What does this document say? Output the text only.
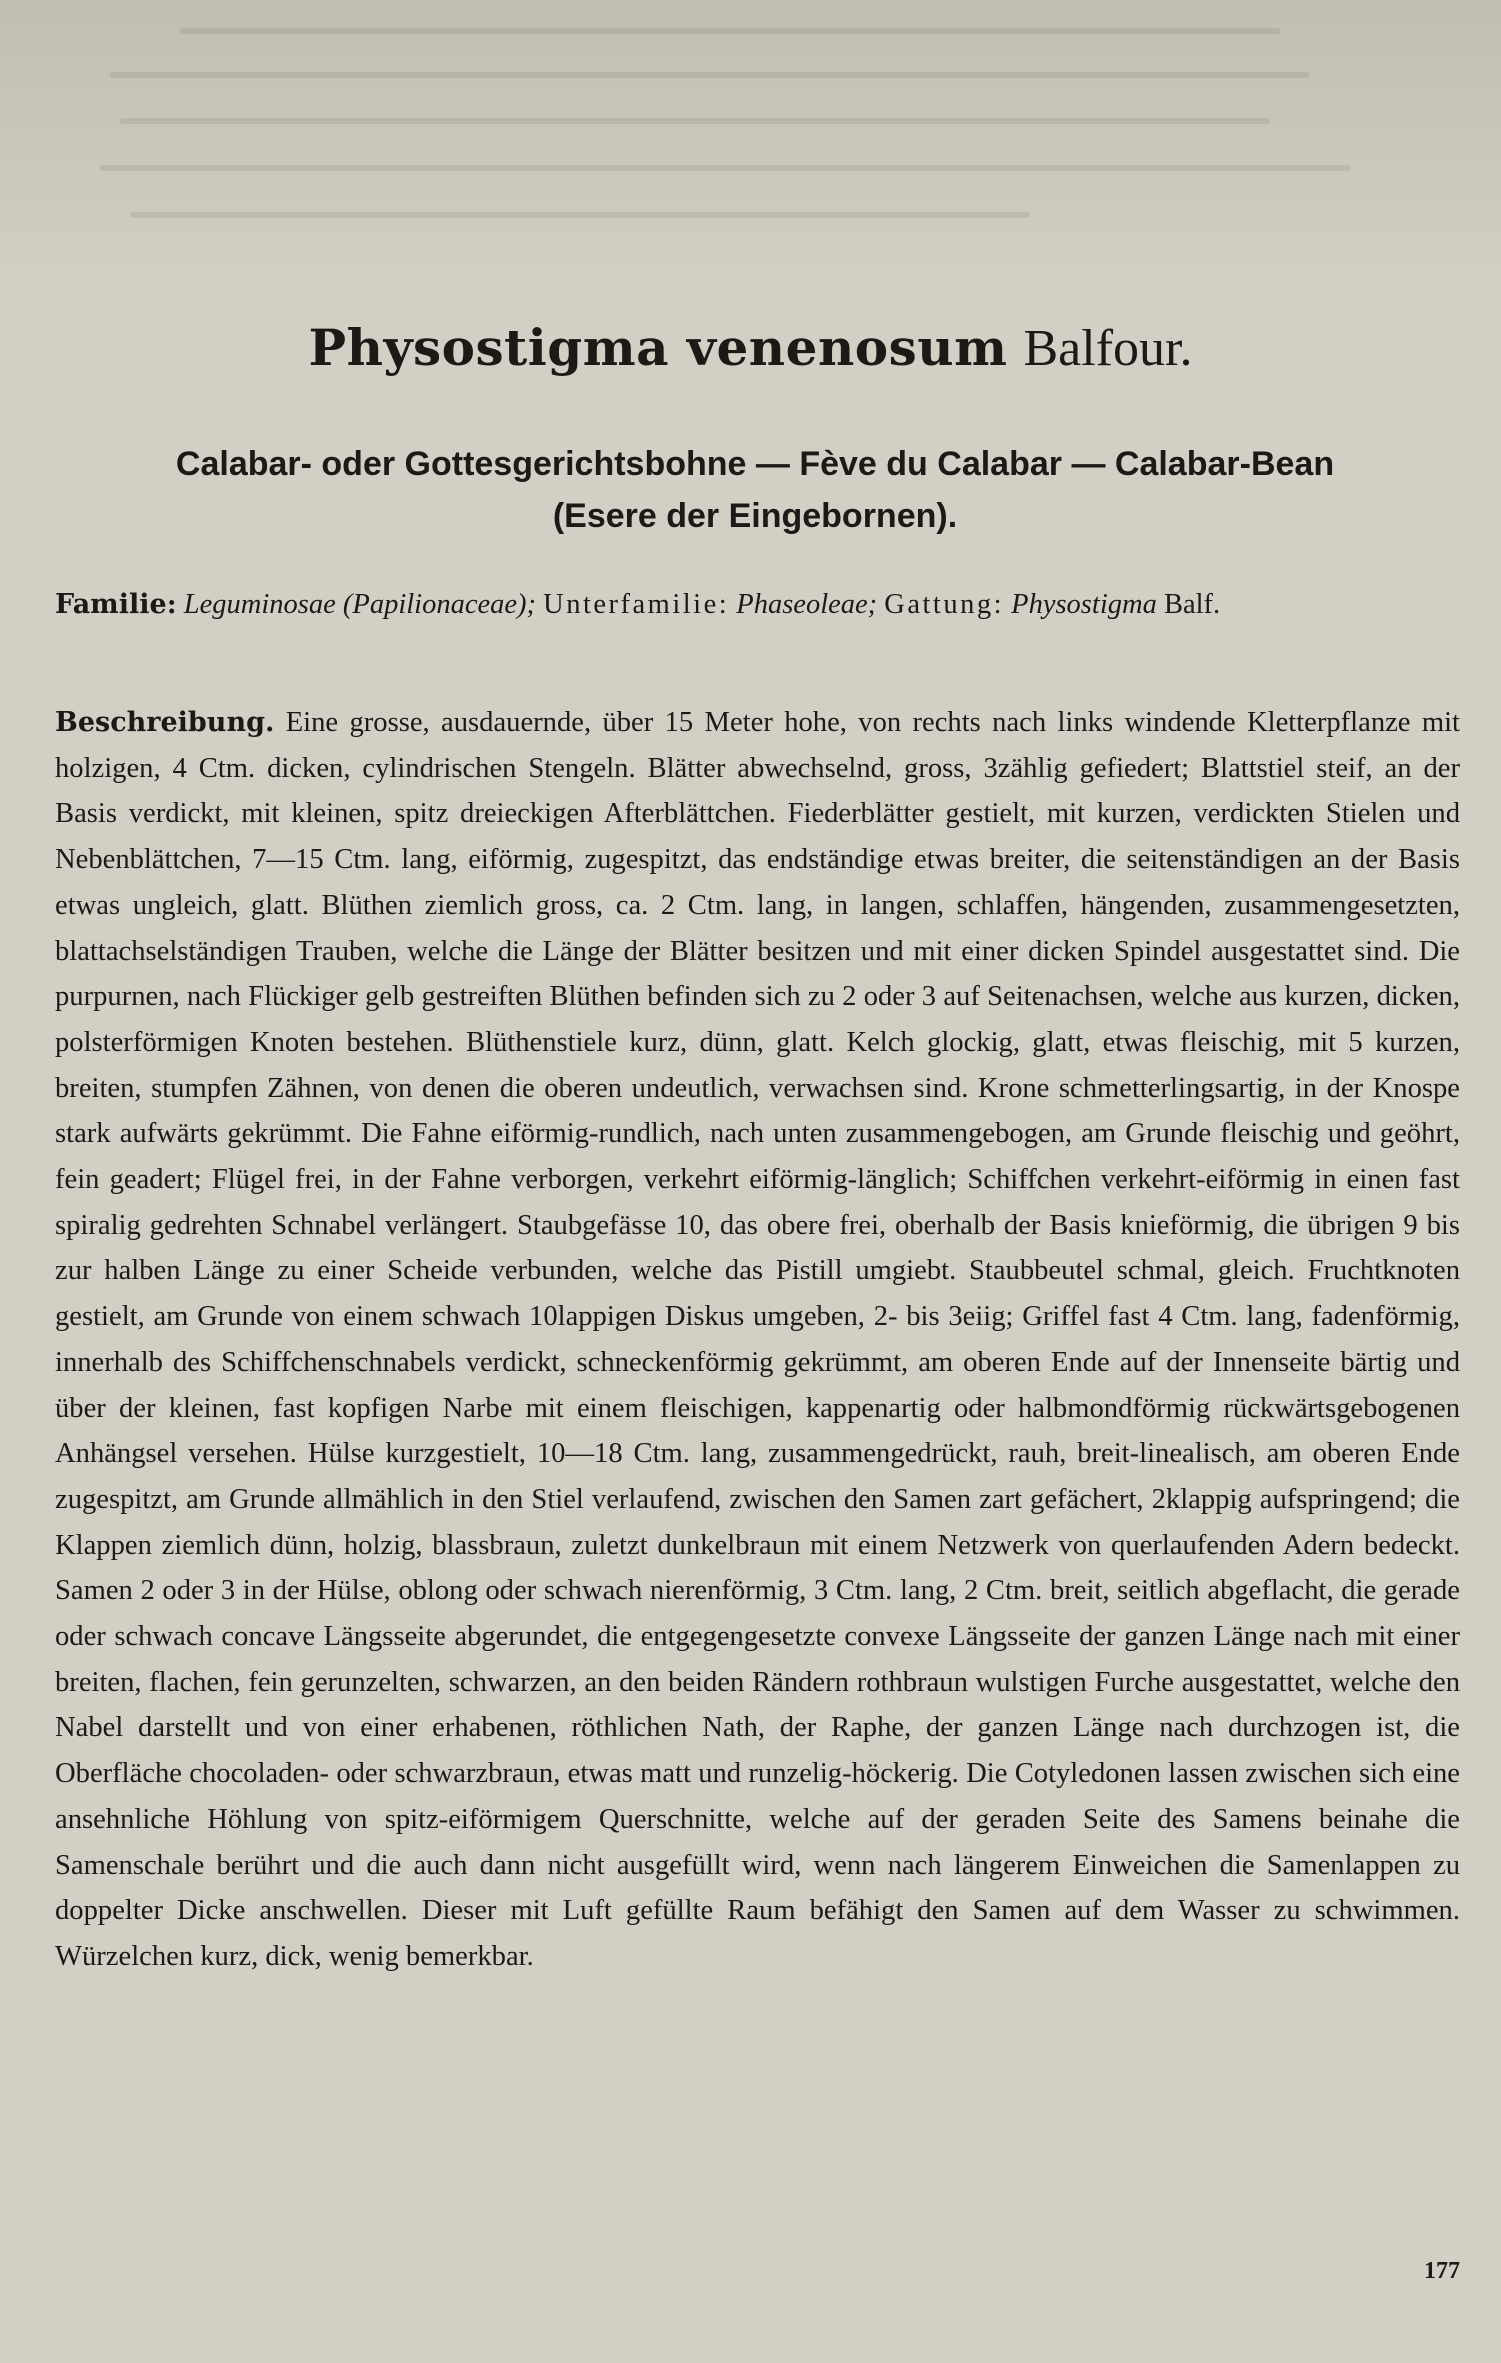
Physostigma venenosum Balfour.
Calabar- oder Gottesgerichtsbohne — Fève du Calabar — Calabar-Bean
(Esere der Eingebornen).
Familie: Leguminosae (Papilionaceae); Unterfamilie: Phaseoleae; Gattung: Physostigma Balf.
Beschreibung. Eine grosse, ausdauernde, über 15 Meter hohe, von rechts nach links windende Kletterpflanze mit holzigen, 4 Ctm. dicken, cylindrischen Stengeln. Blätter abwechselnd, gross, 3zählig gefiedert; Blattstiel steif, an der Basis verdickt, mit kleinen, spitz dreieckigen Afterblättchen. Fiederblätter gestielt, mit kurzen, verdickten Stielen und Nebenblättchen, 7—15 Ctm. lang, eiförmig, zugespitzt, das endständige etwas breiter, die seitenständigen an der Basis etwas ungleich, glatt. Blüthen ziemlich gross, ca. 2 Ctm. lang, in langen, schlaffen, hängenden, zusammengesetzten, blattachselständigen Trauben, welche die Länge der Blätter besitzen und mit einer dicken Spindel ausgestattet sind. Die purpurnen, nach Flückiger gelb gestreiften Blüthen befinden sich zu 2 oder 3 auf Seitenachsen, welche aus kurzen, dicken, polsterförmigen Knoten bestehen. Blüthenstiele kurz, dünn, glatt. Kelch glockig, glatt, etwas fleischig, mit 5 kurzen, breiten, stumpfen Zähnen, von denen die oberen undeutlich, verwachsen sind. Krone schmetterlingsartig, in der Knospe stark aufwärts gekrümmt. Die Fahne eiförmig-rundlich, nach unten zusammengebogen, am Grunde fleischig und geöhrt, fein geadert; Flügel frei, in der Fahne verborgen, verkehrt eiförmig-länglich; Schiffchen verkehrt-eiförmig in einen fast spiralig gedrehten Schnabel verlängert. Staubgefässe 10, das obere frei, oberhalb der Basis knieförmig, die übrigen 9 bis zur halben Länge zu einer Scheide verbunden, welche das Pistill umgiebt. Staubbeutel schmal, gleich. Fruchtknoten gestielt, am Grunde von einem schwach 10lappigen Diskus umgeben, 2- bis 3eiig; Griffel fast 4 Ctm. lang, fadenförmig, innerhalb des Schiffchenschnabels verdickt, schneckenförmig gekrümmt, am oberen Ende auf der Innenseite bärtig und über der kleinen, fast kopfigen Narbe mit einem fleischigen, kappenartig oder halbmondförmig rückwärtsgebogenen Anhängsel versehen. Hülse kurzgestielt, 10—18 Ctm. lang, zusammengedrückt, rauh, breit-linealisch, am oberen Ende zugespitzt, am Grunde allmählich in den Stiel verlaufend, zwischen den Samen zart gefächert, 2klappig aufspringend; die Klappen ziemlich dünn, holzig, blassbraun, zuletzt dunkelbraun mit einem Netzwerk von querlaufenden Adern bedeckt. Samen 2 oder 3 in der Hülse, oblong oder schwach nierenförmig, 3 Ctm. lang, 2 Ctm. breit, seitlich abgeflacht, die gerade oder schwach concave Längsseite abgerundet, die entgegengesetzte convexe Längsseite der ganzen Länge nach mit einer breiten, flachen, fein gerunzelten, schwarzen, an den beiden Rändern rothbraun wulstigen Furche ausgestattet, welche den Nabel darstellt und von einer erhabenen, röthlichen Nath, der Raphe, der ganzen Länge nach durchzogen ist, die Oberfläche chocoladen- oder schwarzbraun, etwas matt und runzelig-höckerig. Die Cotyledonen lassen zwischen sich eine ansehnliche Höhlung von spitz-eiförmigem Querschnitte, welche auf der geraden Seite des Samens beinahe die Samenschale berührt und die auch dann nicht ausgefüllt wird, wenn nach längerem Einweichen die Samenlappen zu doppelter Dicke anschwellen. Dieser mit Luft gefüllte Raum befähigt den Samen auf dem Wasser zu schwimmen. Würzelchen kurz, dick, wenig bemerkbar.
177
